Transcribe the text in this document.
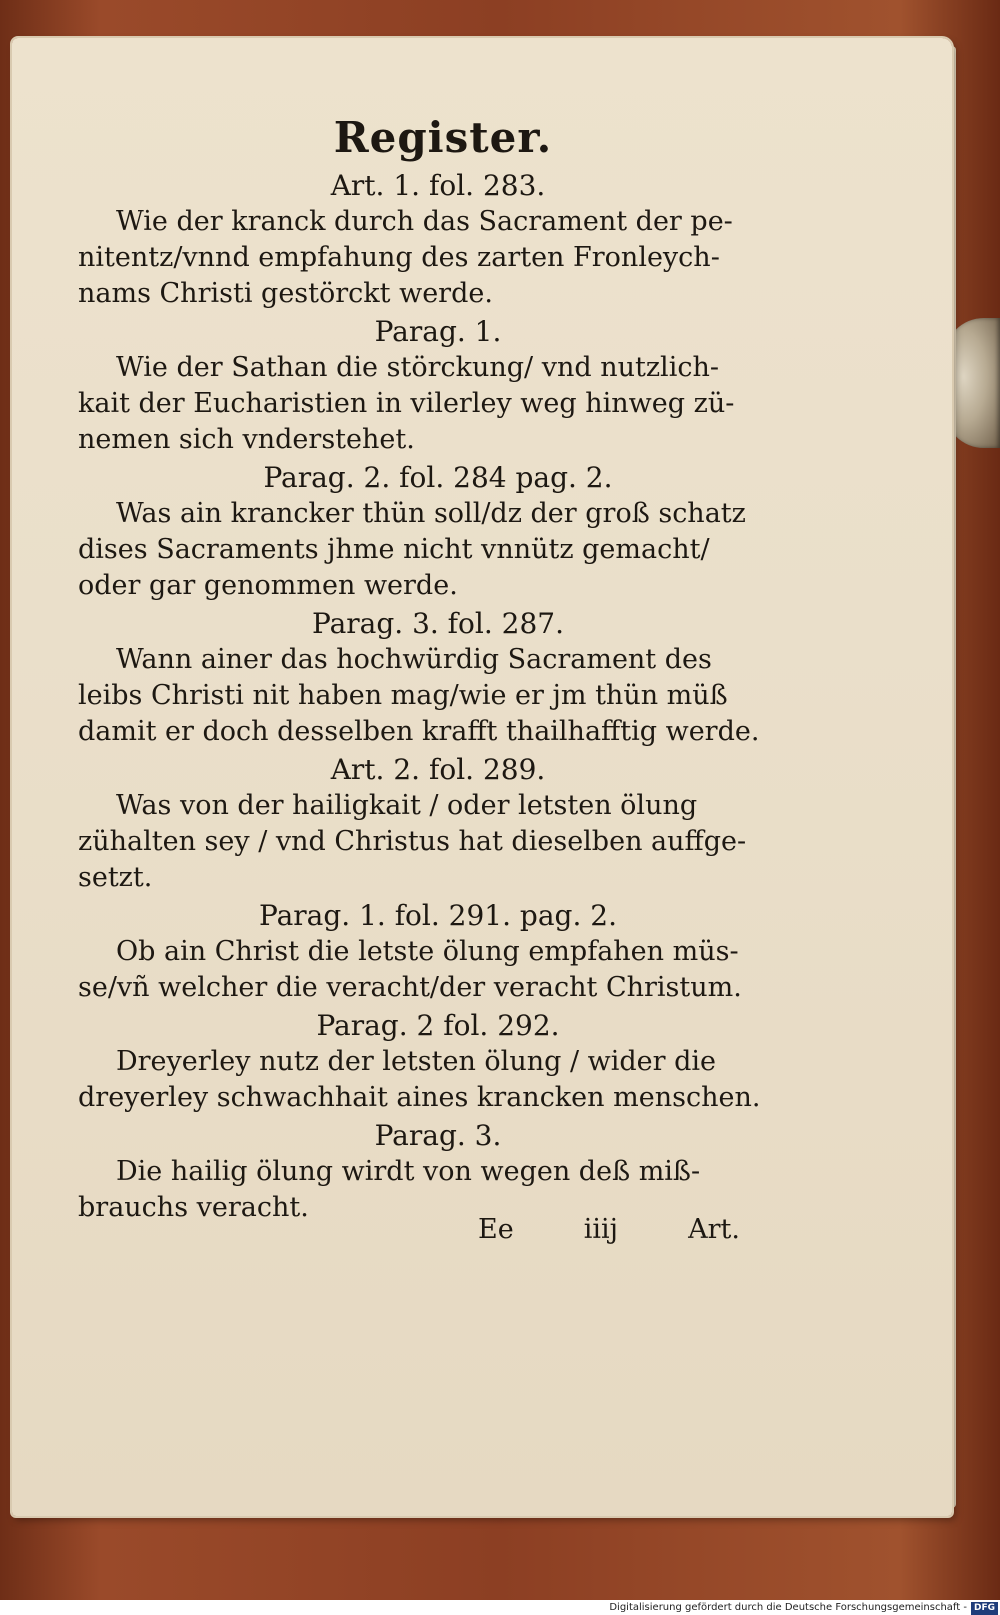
Register.
Art. 1. fol. 283.
Wie der kranck durch das Sacrament der pe-
nitentz/vnnd empfahung des zarten Fronleych-
nams Christi gestörckt werde.
Parag. 1.
Wie der Sathan die störckung/ vnd nutzlich-
kait der Eucharistien in vilerley weg hinweg zü-
nemen sich vnderstehet.
Parag. 2. fol. 284 pag. 2.
Was ain krancker thün soll/dz der groß schatz
dises Sacraments jhme nicht vnnütz gemacht/
oder gar genommen werde.
Parag. 3. fol. 287.
Wann ainer das hochwürdig Sacrament des
leibs Christi nit haben mag/wie er jm thün müß
damit er doch desselben krafft thailhafftig werde.
Art. 2. fol. 289.
Was von der hailigkait / oder letsten ölung
zühalten sey / vnd Christus hat dieselben auffge-
setzt.
Parag. 1. fol. 291. pag. 2.
Ob ain Christ die letste ölung empfahen müs-
se/vñ welcher die veracht/der veracht Christum.
Parag. 2 fol. 292.
Dreyerley nutz der letsten ölung / wider die
dreyerley schwachhait aines krancken menschen.
Parag. 3.
Die hailig ölung wirdt von wegen deß miß-
brauchs veracht.
Ee	iiij	Art.
Digitalisierung gefördert durch die Deutsche Forschungsgemeinschaft - DFG
